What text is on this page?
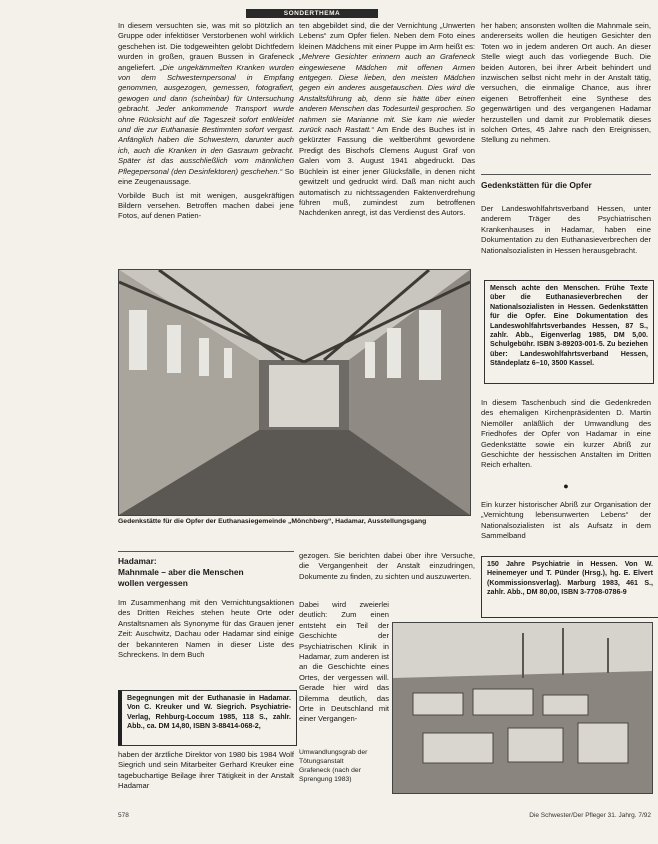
SONDERTHEMA

In diesem versuchten sie, was mit so plötzlich an Gruppe oder infektiöser Verstorbenen wohl wirklich geschehen ist. Die todgeweihten gelobt Dichtfedern wurden in großen, grauen Bussen in Grafeneck angeliefert. „Die ungekämmelten Kranken wurden von dem Schwesternpersonal in Empfang genommen, ausgezogen, gemessen, fotografiert, gewogen und dann (scheinbar) für Untersuchung gebracht. Jeder ankommende Transport wurde ohne Rücksicht auf die Tageszeit sofort entkleidet und die zur Euthanasie Bestimmten sofort vergast. Anfänglich haben die Schwestern, darunter auch ich, auch die Kranken in den Gasraum gebracht. Später ist das ausschließlich vom männlichen Pflegepersonal (den Desinfektoren) geschehen.“ So eine Zeugenaussage.

Vorbilde Buch ist mit wenigen, ausgekräftigen Bildern versehen. Betroffen machen dabei jene Fotos, auf denen Patien-

ten abgebildet sind, die der Vernichtung „Unwerten Lebens“ zum Opfer fielen. Neben dem Foto eines kleinen Mädchens mit einer Puppe im Arm heißt es: „Mehrere Gesichter erinnern auch an Grafeneck eingewiesene Mädchen mit offenen Armen entgegen. Diese lieben, den meisten Mädchen gegen ein anderes ausgetauschen. Dies wird die Anstaltsführung ab, denn sie hätte über einen anderen Menschen das Todesurteil gesprochen. So nahmen sie Marianne mit. Sie kam nie wieder zurück nach Rastatt.“ Am Ende des Buches ist in gekürzter Fassung die weltberühmt gewordene Predigt des Bischofs Clemens August Graf von Galen vom 3. August 1941 abgedruckt. Das Büchlein ist einer jener Glücksfälle, in denen nicht gewitzelt und gedruckt wird. Daß man nicht auch automatisch zu nichtssagenden Faktenverdrehung führen muß, zumindest zum betroffenen Nachdenken anregt, ist das Verdienst des Autors.

her haben; ansonsten wollten die Mahnmale sein, andererseits wollen die heutigen Gesichter den Toten wo in jedem anderen Ort auch. An dieser Stelle wiegt auch das vorliegende Buch. Die beiden Autoren, bei ihrer Arbeit behindert und inzwischen selbst nicht mehr in der Anstalt tätig, versuchen, die einmalige Chance, aus ihrer eigenen Betroffenheit eine Synthese des gegenwärtigen und des vergangenen Hadamar herzustellen und damit zur Problematik dieses solchen Ortes, 45 Jahre nach den Ereignissen, Stellung zu nehmen.
Gedenkstätten für die Opfer
Der Landeswohlfahrtsverband Hessen, unter anderem Träger des Psychiatrischen Krankenhauses in Hadamar, haben eine Dokumentation zu den Euthanasieverbrechen der Nationalsozialisten in Hessen herausgebracht.
Mensch achte den Menschen. Frühe Texte über die Euthanasieverbrechen der Nationalsozialisten in Hessen. Gedenkstätten für die Opfer. Eine Dokumentation des Landeswohlfahrtsverbandes Hessen, 87 S., zahlr. Abb., Eigenverlag 1985, DM 5,00. Schulgebühr. ISBN 3-89203-001-5. Zu beziehen über: Landeswohlfahrtsverband Hessen, Ständeplatz 6–10, 3500 Kassel.
In diesem Taschenbuch sind die Gedenkreden des ehemaligen Kirchenpräsidenten D. Martin Niemöller anläßlich der Umwandlung des Friedhofes der Opfer von Hadamar in eine Gedenkstätte sowie ein kurzer Abriß zur Geschichte der hessischen Anstalten im Dritten Reich erhalten.
●
Ein kurzer historischer Abriß zur Organisation der „Vernichtung lebensunwerten Lebens“ der Nationalsozialisten ist als Aufsatz in dem Sammelband
150 Jahre Psychiatrie in Hessen. Von W. Heinemeyer und T. Pünder (Hrsg.), hg. E. Elvert (Kommissionsverlag). Marburg 1983, 461 S., zahlr. Abb., DM 80,00, ISBN 3-7708-0786-9
Gedenkstätte für die Opfer der Euthanasiegemeinde „Mönchberg“, Hadamar, Ausstellungsgang
Hadamar:
Mahnmale – aber die Menschen
wollen vergessen
Im Zusammenhang mit den Vernichtungsaktionen des Dritten Reiches stehen heute Orte oder Anstaltsnamen als Synonyme für das Grauen jener Zeit: Auschwitz, Dachau oder Hadamar sind einige der bekannteren Namen in dieser Liste des Schreckens. In dem Buch
Begegnungen mit der Euthanasie in Hadamar. Von C. Kreuker und W. Siegrich. Psychiatrie-Verlag, Rehburg-Loccum 1985, 118 S., zahlr. Abb., ca. DM 14,80, ISBN 3-88414-068-2,
haben der ärztliche Direktor von 1980 bis 1984 Wolf Siegrich und sein Mitarbeiter Gerhard Kreuker eine tagebuchartige Beilage ihrer Tätigkeit in der Anstalt Hadamar
gezogen. Sie berichten dabei über ihre Versuche, die Vergangenheit der Anstalt einzudringen, Dokumente zu finden, zu sichten und auszuwerten.
Dabei wird zweierlei deutlich: Zum einen entsteht ein Teil der Geschichte der Psychiatrischen Klinik in Hadamar, zum anderen ist an die Geschichte eines Ortes, der vergessen will. Gerade hier wird das Dilemma deutlich, das Orte in Deutschland mit einer Vergangen-
Umwandlungsgrab der Tötungsanstalt Grafeneck (nach der Sprengung 1983)
578	Die Schwester/Der Pfleger 31. Jahrg. 7/92
